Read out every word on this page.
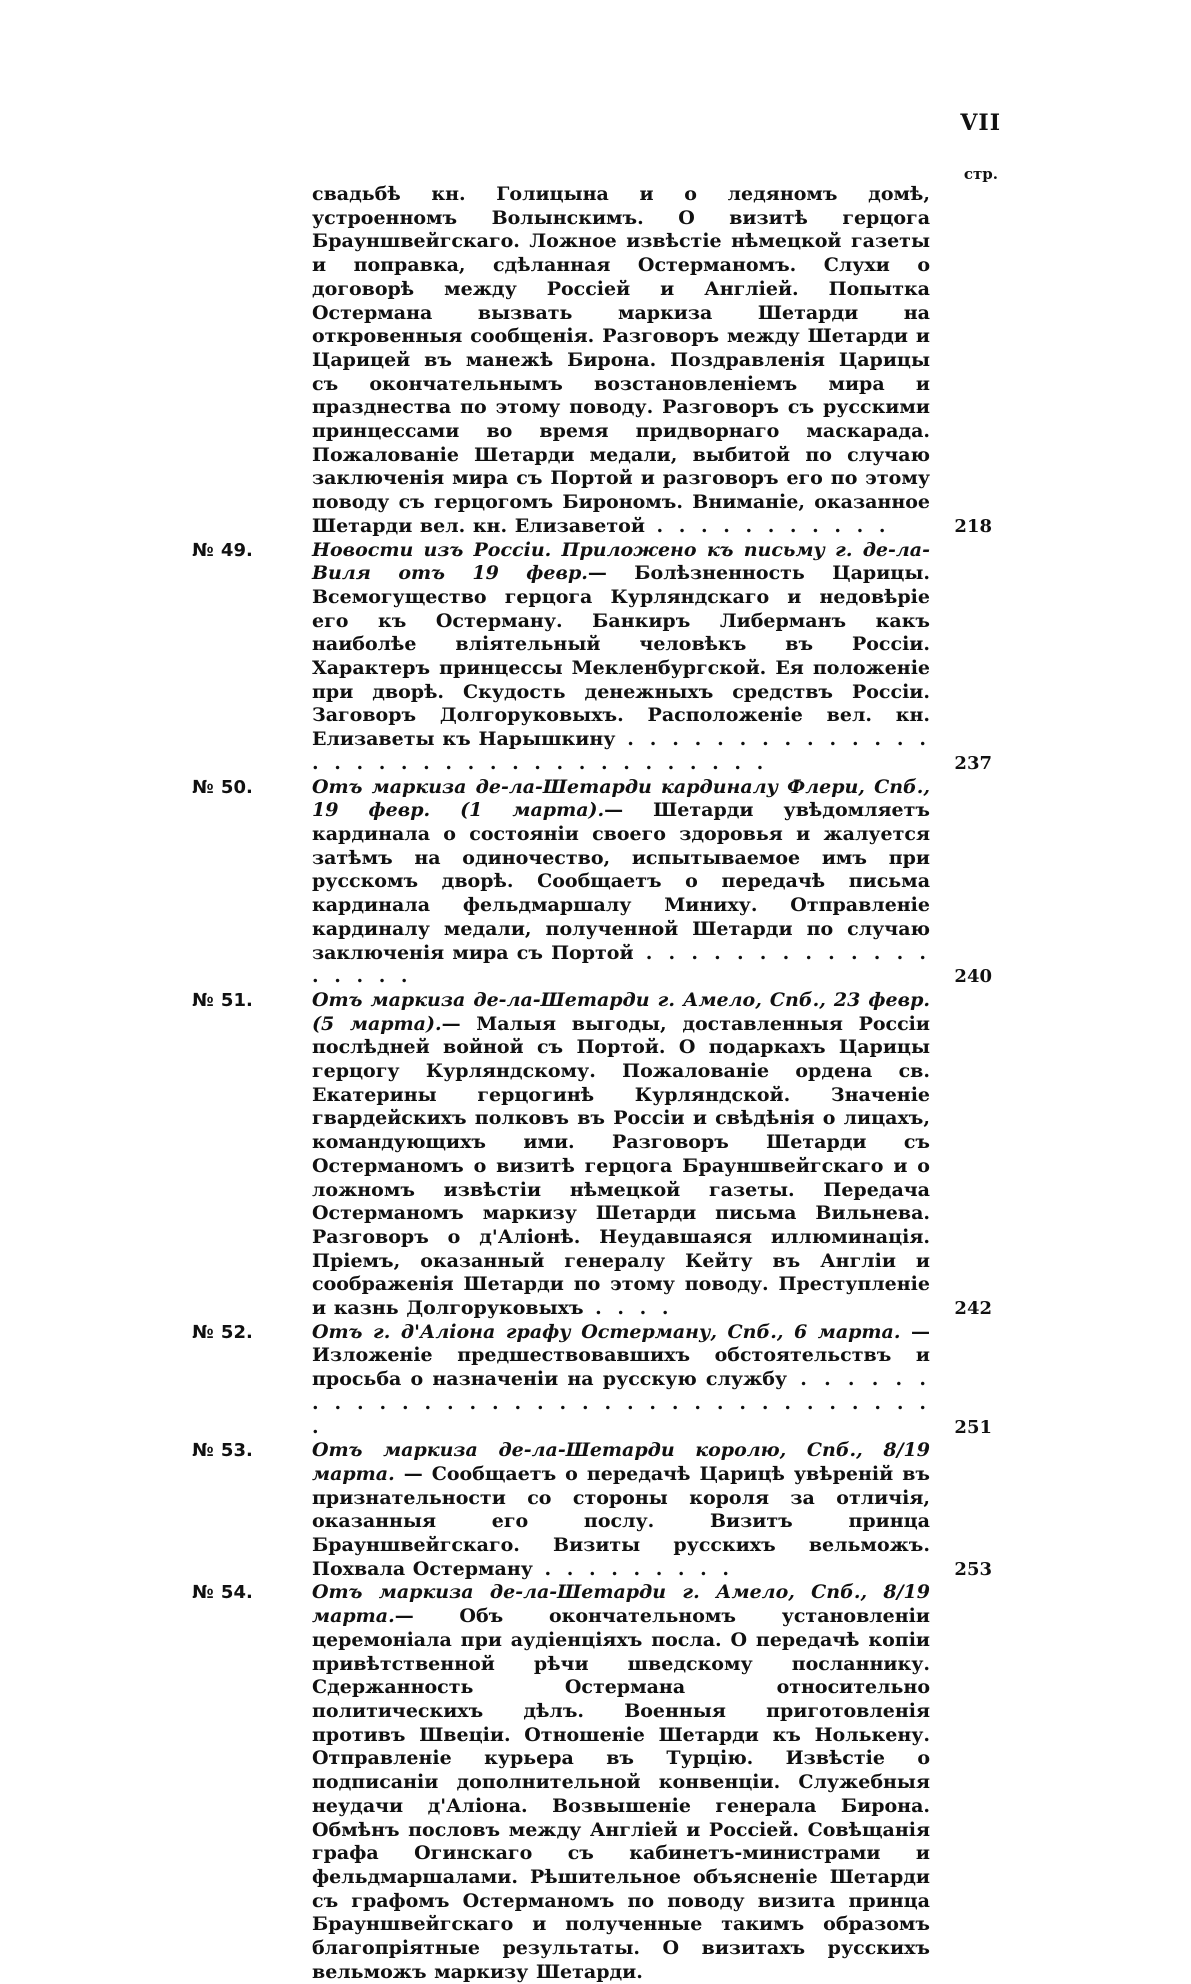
VII
стр.
свадьбѣ кн. Голицына и о ледяномъ домѣ, устроенномъ Волынскимъ. О визитѣ герцога Брауншвейгскаго. Ложное извѣстіе нѣмецкой газеты и поправка, сдѣланная Остерманомъ. Слухи о договорѣ между Россіей и Англіей. Попытка Остермана вызвать маркиза Шетарди на откровенныя сообщенія. Разговоръ между Шетарди и Царицей въ манежѣ Бирона. Поздравленія Царицы съ окончательнымъ возстановленіемъ мира и празднества по этому поводу. Разговоръ съ русскими принцессами во время придворнаго маскарада. Пожалованіе Шетарди медали, выбитой по случаю заключенія мира съ Портой и разговоръ его по этому поводу съ герцогомъ Бирономъ. Вниманіе, оказанное Шетарди вел. кн. Елизаветой . . . . . . . . . . .	218
№ 49.	Новости изъ Россіи. Приложено къ письму г. де-ла-Виля отъ 19 февр.— Болѣзненность Царицы. Всемогущество герцога Курляндскаго и недовѣріе его къ Остерману. Банкиръ Либерманъ какъ наиболѣе вліятельный человѣкъ въ Россіи. Характеръ принцессы Мекленбургской. Ея положеніе при дворѣ. Скудость денежныхъ средствъ Россіи. Заговоръ Долгоруковыхъ. Расположеніе вел. кн. Елизаветы къ Нарышкину . . . . . . . . . . . . . . . . . . . . . . . . . . . . . . . . . . .	237
№ 50.	Отъ маркиза де-ла-Шетарди кардиналу Флери, Спб., 19 февр. (1 марта).— Шетарди увѣдомляетъ кардинала о состояніи своего здоровья и жалуется затѣмъ на одиночество, испытываемое имъ при русскомъ дворѣ. Сообщаетъ о передачѣ письма кардинала фельдмаршалу Миниху. Отправленіе кардиналу медали, полученной Шетарди по случаю заключенія мира съ Портой . . . . . . . . . . . . . . . . . .	240
№ 51.	Отъ маркиза де-ла-Шетарди г. Амело, Спб., 23 февр. (5 марта).— Малыя выгоды, доставленныя Россіи послѣдней войной съ Портой. О подаркахъ Царицы герцогу Курляндскому. Пожалованіе ордена св. Екатерины герцогинѣ Курляндской. Значеніе гвардейскихъ полковъ въ Россіи и свѣдѣнія о лицахъ, командующихъ ими. Разговоръ Шетарди съ Остерманомъ о визитѣ герцога Брауншвейгскаго и о ложномъ извѣстіи нѣмецкой газеты. Передача Остерманомъ маркизу Шетарди письма Вильнева. Разговоръ о д'Аліонѣ. Неудавшаяся иллюминація. Пріемъ, оказанный генералу Кейту въ Англіи и соображенія Шетарди по этому поводу. Преступленіе и казнь Долгоруковыхъ . . . .	242
№ 52.	Отъ г. д'Аліона графу Остерману, Спб., 6 марта. — Изложеніе предшествовавшихъ обстоятельствъ и просьба о назначеніи на русскую службу . . . . . . . . . . . . . . . . . . . . . . . . . . . . . . . . . . .	251
№ 53.	Отъ маркиза де-ла-Шетарди королю, Спб., 8/19 марта. — Сообщаетъ о передачѣ Царицѣ увѣреній въ признательности со стороны короля за отличія, оказанныя его послу. Визитъ принца Брауншвейгскаго. Визиты русскихъ вельможъ. Похвала Остерману . . . . . . . . .	253
№ 54.	Отъ маркиза де-ла-Шетарди г. Амело, Спб., 8/19 марта.— Объ окончательномъ установленіи церемоніала при аудіенціяхъ посла. О передачѣ копіи привѣтственной рѣчи шведскому посланнику. Сдержанность Остермана относительно политическихъ дѣлъ. Военныя приготовленія противъ Швеціи. Отношеніе Шетарди къ Нолькену. Отправленіе курьера въ Турцію. Извѣстіе о подписаніи дополнительной конвенціи. Служебныя неудачи д'Аліона. Возвышеніе генерала Бирона. Обмѣнъ пословъ между Англіей и Россіей. Совѣщанія графа Огинскаго съ кабинетъ-министрами и фельдмаршалами. Рѣшительное объясненіе Шетарди съ графомъ Остерманомъ по поводу визита принца Брауншвейгскаго и полученные такимъ образомъ благопріятные результаты. О визитахъ русскихъ вельможъ маркизу Шетарди.
